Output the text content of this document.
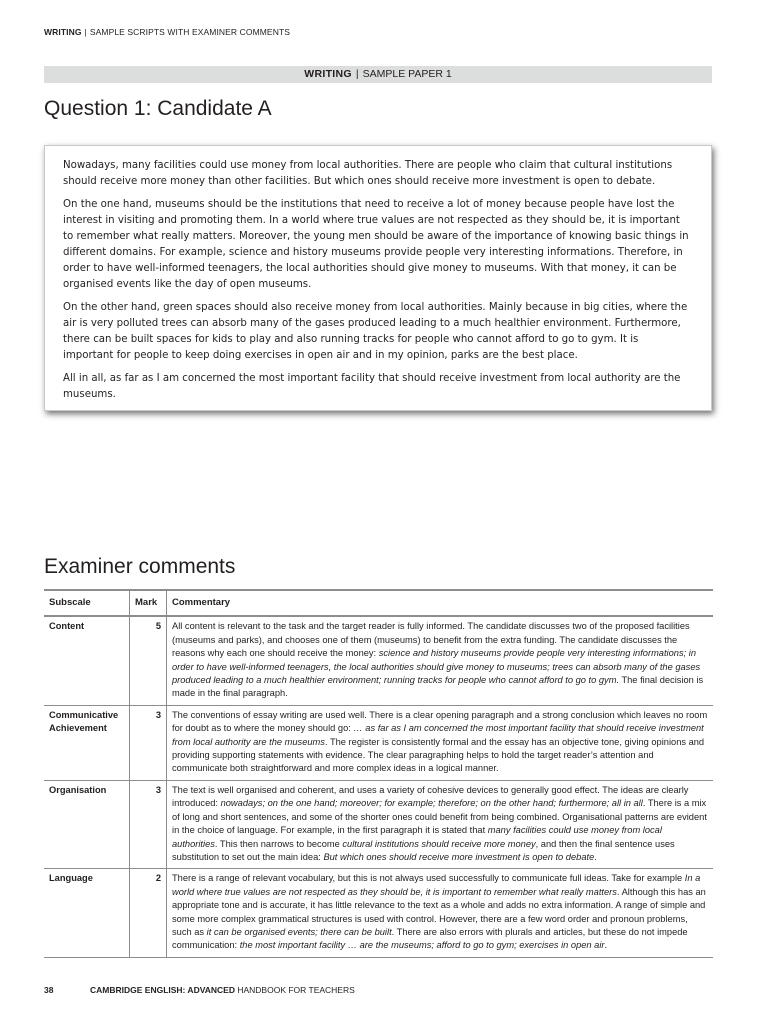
WRITING | SAMPLE SCRIPTS WITH EXAMINER COMMENTS
WRITING | SAMPLE PAPER 1
Question 1: Candidate A

Nowadays, many facilities could use money from local authorities. There are people who claim that cultural institutions should receive more money than other facilities. But which ones should receive more investment is open to debate.

On the one hand, museums should be the institutions that need to receive a lot of money because people have lost the interest in visiting and promoting them. In a world where true values are not respected as they should be, it is important to remember what really matters. Moreover, the young men should be aware of the importance of knowing basic things in different domains. For example, science and history museums provide people very interesting informations. Therefore, in order to have well-informed teenagers, the local authorities should give money to museums. With that money, it can be organised events like the day of open museums.

On the other hand, green spaces should also receive money from local authorities. Mainly because in big cities, where the air is very polluted trees can absorb many of the gases produced leading to a much healthier environment. Furthermore, there can be built spaces for kids to play and also running tracks for people who cannot afford to go to gym. It is important for people to keep doing exercises in open air and in my opinion, parks are the best place.

All in all, as far as I am concerned the most important facility that should receive investment from local authority are the museums.

Examiner comments
Subscale	Mark	Commentary
Content	5	All content is relevant to the task and the target reader is fully informed. The candidate discusses two of the proposed facilities (museums and parks), and chooses one of them (museums) to benefit from the extra funding. The candidate discusses the reasons why each one should receive the money: science and history museums provide people very interesting informations; in order to have well-informed teenagers, the local authorities should give money to museums; trees can absorb many of the gases produced leading to a much healthier environment; running tracks for people who cannot afford to go to gym. The final decision is made in the final paragraph.
Communicative Achievement	3	The conventions of essay writing are used well. There is a clear opening paragraph and a strong conclusion which leaves no room for doubt as to where the money should go: … as far as I am concerned the most important facility that should receive investment from local authority are the museums. The register is consistently formal and the essay has an objective tone, giving opinions and providing supporting statements with evidence. The clear paragraphing helps to hold the target reader’s attention and communicate both straightforward and more complex ideas in a logical manner.
Organisation	3	The text is well organised and coherent, and uses a variety of cohesive devices to generally good effect. The ideas are clearly introduced: nowadays; on the one hand; moreover; for example; therefore; on the other hand; furthermore; all in all. There is a mix of long and short sentences, and some of the shorter ones could benefit from being combined. Organisational patterns are evident in the choice of language. For example, in the first paragraph it is stated that many facilities could use money from local authorities. This then narrows to become cultural institutions should receive more money, and then the final sentence uses substitution to set out the main idea: But which ones should receive more investment is open to debate.
Language	2	There is a range of relevant vocabulary, but this is not always used successfully to communicate full ideas. Take for example In a world where true values are not respected as they should be, it is important to remember what really matters. Although this has an appropriate tone and is accurate, it has little relevance to the text as a whole and adds no extra information. A range of simple and some more complex grammatical structures is used with control. However, there are a few word order and pronoun problems, such as it can be organised events; there can be built. There are also errors with plurals and articles, but these do not impede communication: the most important facility … are the museums; afford to go to gym; exercises in open air.
38	CAMBRIDGE ENGLISH: ADVANCED HANDBOOK FOR TEACHERS
